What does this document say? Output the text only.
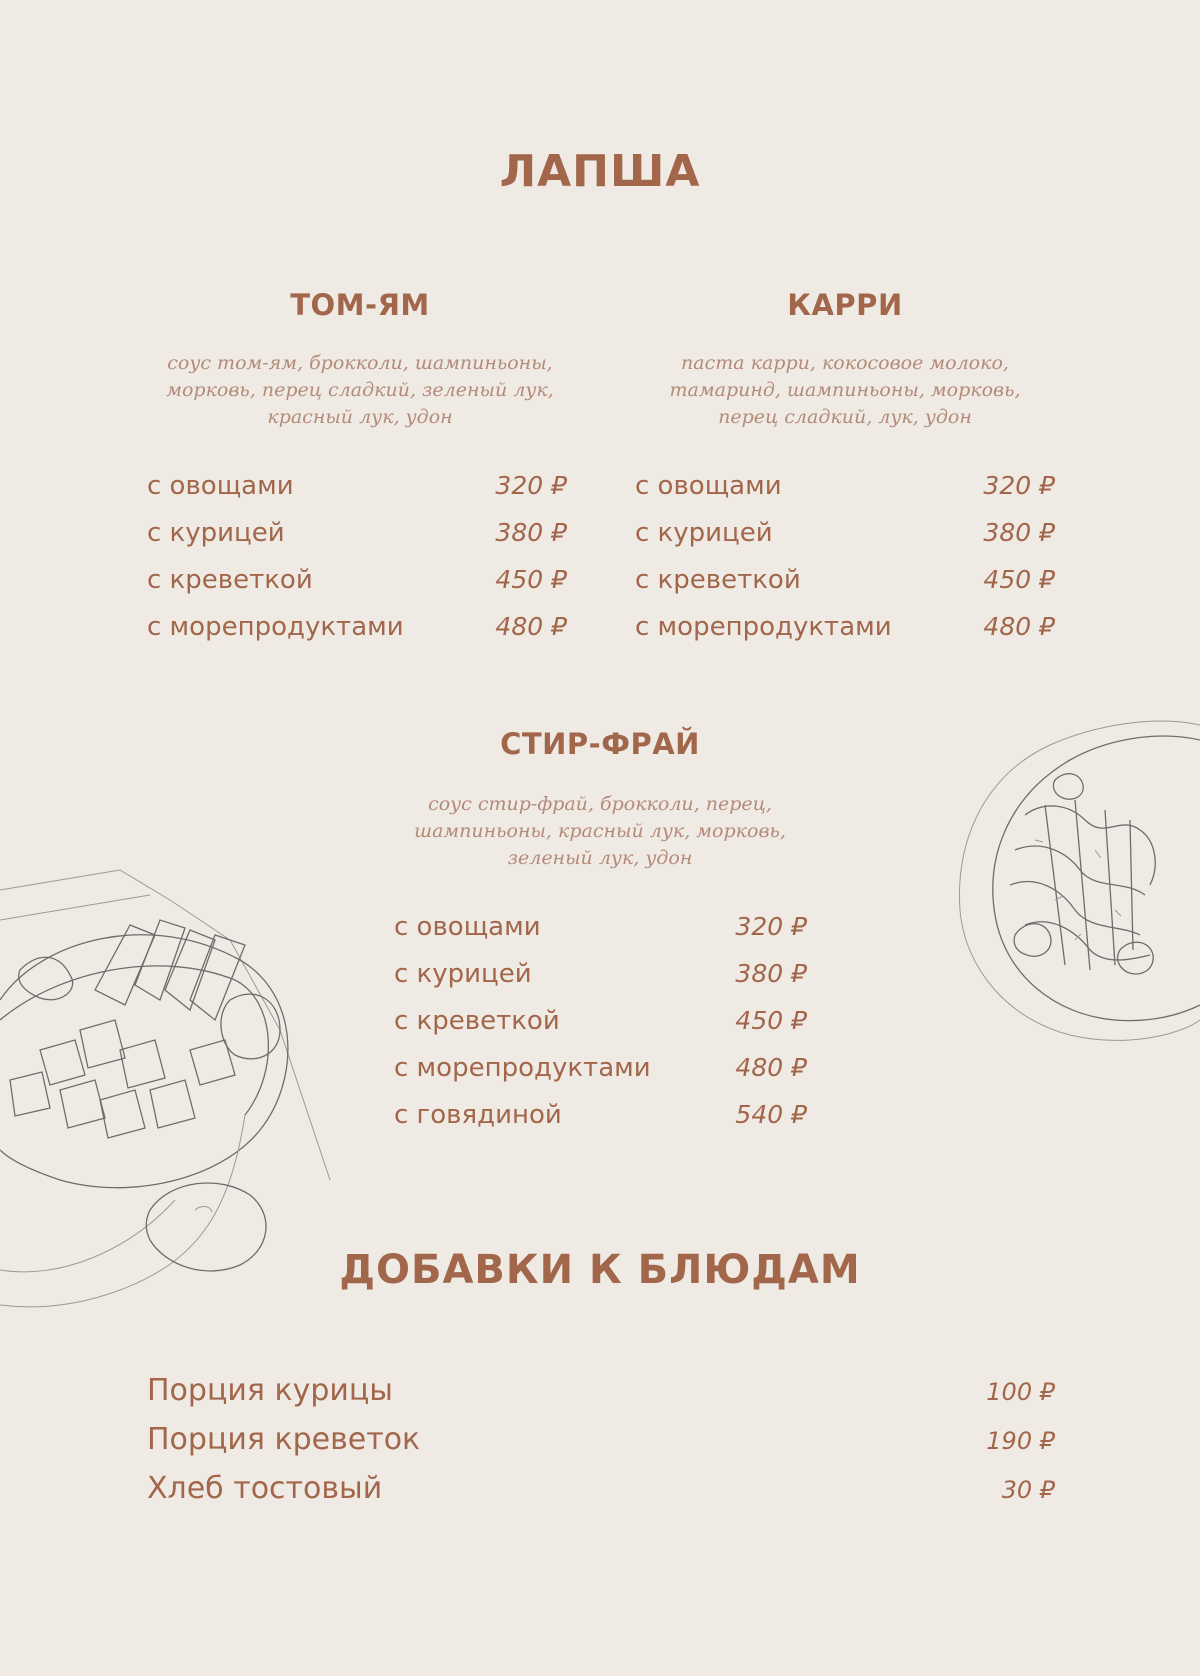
ЛАПША
ТОМ-ЯМ
соус том-ям, брокколи, шампиньоны,
морковь, перец сладкий, зеленый лук,
красный лук, удон
с овощами	320 ₽
с курицей	380 ₽
с креветкой	450 ₽
с морепродуктами	480 ₽
КАРРИ
паста карри, кокосовое молоко,
тамаринд, шампиньоны, морковь,
перец сладкий, лук, удон
с овощами	320 ₽
с курицей	380 ₽
с креветкой	450 ₽
с морепродуктами	480 ₽
СТИР-ФРАЙ
соус стир-фрай, брокколи, перец,
шампиньоны, красный лук, морковь,
зеленый лук, удон
с овощами	320 ₽
с курицей	380 ₽
с креветкой	450 ₽
с морепродуктами	480 ₽
с говядиной	540 ₽
ДОБАВКИ К БЛЮДАМ
Порция курицы	100 ₽
Порция креветок	190 ₽
Хлеб тостовый	30 ₽
